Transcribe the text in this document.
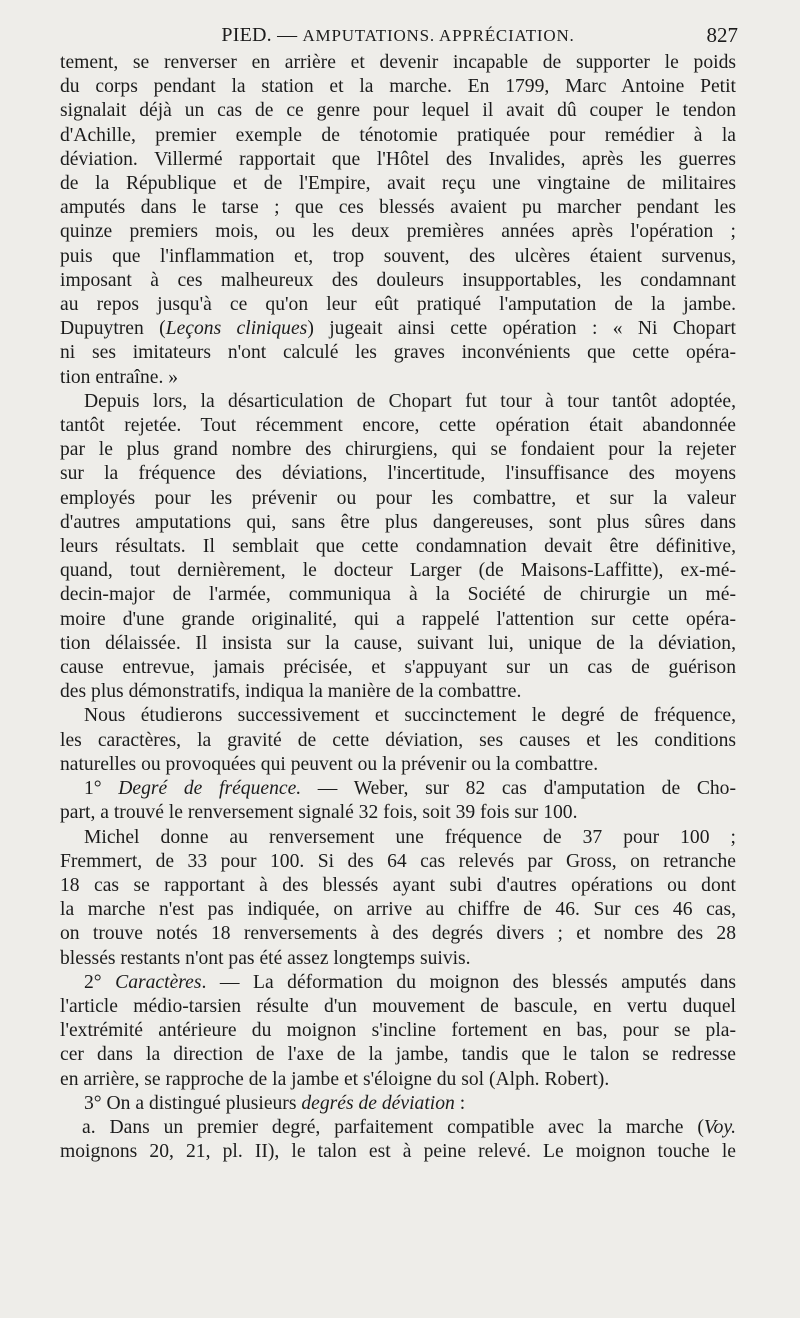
PIED. — AMPUTATIONS. APPRÉCIATION.	827

tement, se renverser en arrière et devenir incapable de supporter le poids

du corps pendant la station et la marche. En 1799, Marc Antoine Petit

signalait déjà un cas de ce genre pour lequel il avait dû couper le tendon

d'Achille, premier exemple de ténotomie pratiquée pour remédier à la

déviation. Villermé rapportait que l'Hôtel des Invalides, après les guerres

de la République et de l'Empire, avait reçu une vingtaine de militaires

amputés dans le tarse ; que ces blessés avaient pu marcher pendant les

quinze premiers mois, ou les deux premières années après l'opération ;

puis que l'inflammation et, trop souvent, des ulcères étaient survenus,

imposant à ces malheureux des douleurs insupportables, les condamnant

au repos jusqu'à ce qu'on leur eût pratiqué l'amputation de la jambe.

Dupuytren (Leçons cliniques) jugeait ainsi cette opération : « Ni Chopart

ni ses imitateurs n'ont calculé les graves inconvénients que cette opéra-

tion entraîne. »

Depuis lors, la désarticulation de Chopart fut tour à tour tantôt adoptée,

tantôt rejetée. Tout récemment encore, cette opération était abandonnée

par le plus grand nombre des chirurgiens, qui se fondaient pour la rejeter

sur la fréquence des déviations, l'incertitude, l'insuffisance des moyens

employés pour les prévenir ou pour les combattre, et sur la valeur

d'autres amputations qui, sans être plus dangereuses, sont plus sûres dans

leurs résultats. Il semblait que cette condamnation devait être définitive,

quand, tout dernièrement, le docteur Larger (de Maisons-Laffitte), ex-mé-

decin-major de l'armée, communiqua à la Société de chirurgie un mé-

moire d'une grande originalité, qui a rappelé l'attention sur cette opéra-

tion délaissée. Il insista sur la cause, suivant lui, unique de la déviation,

cause entrevue, jamais précisée, et s'appuyant sur un cas de guérison

des plus démonstratifs, indiqua la manière de la combattre.

Nous étudierons successivement et succinctement le degré de fréquence,

les caractères, la gravité de cette déviation, ses causes et les conditions

naturelles ou provoquées qui peuvent ou la prévenir ou la combattre.

1° Degré de fréquence. — Weber, sur 82 cas d'amputation de Cho-

part, a trouvé le renversement signalé 32 fois, soit 39 fois sur 100.

Michel donne au renversement une fréquence de 37 pour 100 ;

Fremmert, de 33 pour 100. Si des 64 cas relevés par Gross, on retranche

18 cas se rapportant à des blessés ayant subi d'autres opérations ou dont

la marche n'est pas indiquée, on arrive au chiffre de 46. Sur ces 46 cas,

on trouve notés 18 renversements à des degrés divers ; et nombre des 28

blessés restants n'ont pas été assez longtemps suivis.

2° Caractères. — La déformation du moignon des blessés amputés dans

l'article médio-tarsien résulte d'un mouvement de bascule, en vertu duquel

l'extrémité antérieure du moignon s'incline fortement en bas, pour se pla-

cer dans la direction de l'axe de la jambe, tandis que le talon se redresse

en arrière, se rapproche de la jambe et s'éloigne du sol (Alph. Robert).

3° On a distingué plusieurs degrés de déviation :

a. Dans un premier degré, parfaitement compatible avec la marche (Voy.

moignons 20, 21, pl. II), le talon est à peine relevé. Le moignon touche le
